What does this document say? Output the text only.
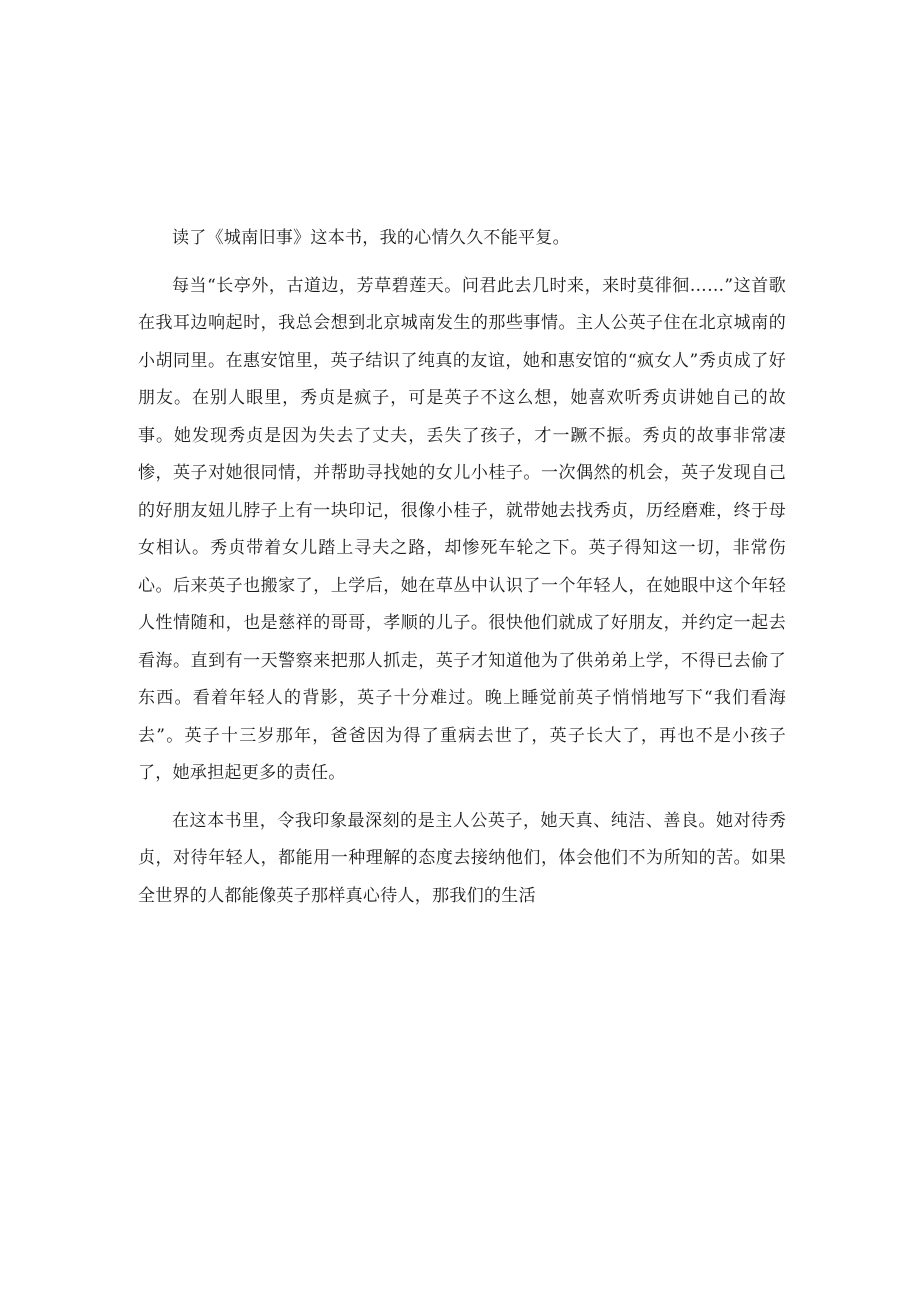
读了《城南旧事》这本书，我的心情久久不能平复。

每当“长亭外，古道边，芳草碧莲天。问君此去几时来，来时莫徘徊……”这首歌在我耳边响起时，我总会想到北京城南发生的那些事情。主人公英子住在北京城南的小胡同里。在惠安馆里，英子结识了纯真的友谊，她和惠安馆的“疯女人”秀贞成了好朋友。在别人眼里，秀贞是疯子，可是英子不这么想，她喜欢听秀贞讲她自己的故事。她发现秀贞是因为失去了丈夫，丢失了孩子，才一蹶不振。秀贞的故事非常凄惨，英子对她很同情，并帮助寻找她的女儿小桂子。一次偶然的机会，英子发现自己的好朋友妞儿脖子上有一块印记，很像小桂子，就带她去找秀贞，历经磨难，终于母女相认。秀贞带着女儿踏上寻夫之路，却惨死车轮之下。英子得知这一切，非常伤心。后来英子也搬家了，上学后，她在草丛中认识了一个年轻人，在她眼中这个年轻人性情随和，也是慈祥的哥哥，孝顺的儿子。很快他们就成了好朋友，并约定一起去看海。直到有一天警察来把那人抓走，英子才知道他为了供弟弟上学，不得已去偷了东西。看着年轻人的背影，英子十分难过。晚上睡觉前英子悄悄地写下“我们看海去”。英子十三岁那年，爸爸因为得了重病去世了，英子长大了，再也不是小孩子了，她承担起更多的责任。

在这本书里，令我印象最深刻的是主人公英子，她天真、纯洁、善良。她对待秀贞，对待年轻人，都能用一种理解的态度去接纳他们，体会他们不为所知的苦。如果全世界的人都能像英子那样真心待人，那我们的生活
